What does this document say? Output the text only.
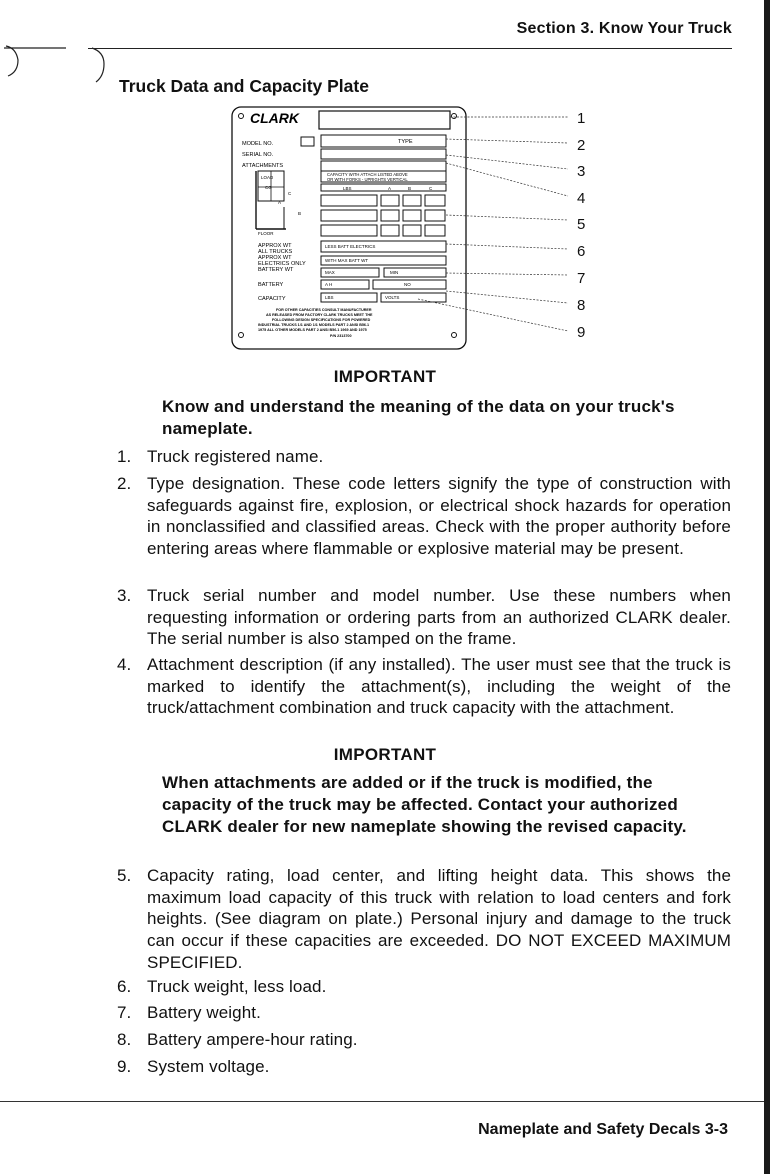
Section 3. Know Your Truck
Truck Data and Capacity Plate
CLARK
MODEL NO.	TYPE
SERIAL NO.
ATTACHMENTS
LOAD
CG
A
C
B
FLOOR
CAPACITY WITH ATTACH LISTED ABOVE
OR WITH FORKS - UPRIGHTS VERTICAL
LBS	A	B	C
APPROX WT
ALL TRUCKS
APPROX WT
ELECTRICS ONLY
BATTERY WT
LESS BATT ELECTRICS
WITH MAX BATT WT
MAX	MIN
BATTERY	A H	NO
CAPACITY	LBS	VOLTS
FOR OTHER CAPACITIES CONSULT MANUFACTURER
AS RELEASED FROM FACTORY CLARK TRUCKS MEET THE
FOLLOWING DESIGN SPECIFICATIONS FOR POWERED
INDUSTRIAL TRUCKS 1/1 AND 1/1 MODELS PART 2 ANSI B56.1
1975 ALL OTHER MODELS PART 2 ANSI B56.1 1969 AND 1975
P/N 2313700
1
2
3
4
5
6
7
8
9
IMPORTANT
Know and understand the meaning of the data on your truck's nameplate.
1. Truck registered name.
2. Type designation. These code letters signify the type of construction with safeguards against fire, explosion, or electrical shock hazards for operation in nonclassified and classified areas. Check with the proper authority before entering areas where flammable or explosive material may be present.
3. Truck serial number and model number. Use these numbers when requesting information or ordering parts from an authorized CLARK dealer. The serial number is also stamped on the frame.
4. Attachment description (if any installed). The user must see that the truck is marked to identify the attachment(s), including the weight of the truck/attachment combination and truck capacity with the attachment.
IMPORTANT
When attachments are added or if the truck is modified, the capacity of the truck may be affected. Contact your authorized CLARK dealer for new nameplate showing the revised capacity.
5. Capacity rating, load center, and lifting height data. This shows the maximum load capacity of this truck with relation to load centers and fork heights. (See diagram on plate.) Personal injury and damage to the truck can occur if these capacities are exceeded. DO NOT EXCEED MAXIMUM SPECIFIED.
6. Truck weight, less load.
7. Battery weight.
8. Battery ampere-hour rating.
9. System voltage.
Nameplate and Safety Decals 3-3
